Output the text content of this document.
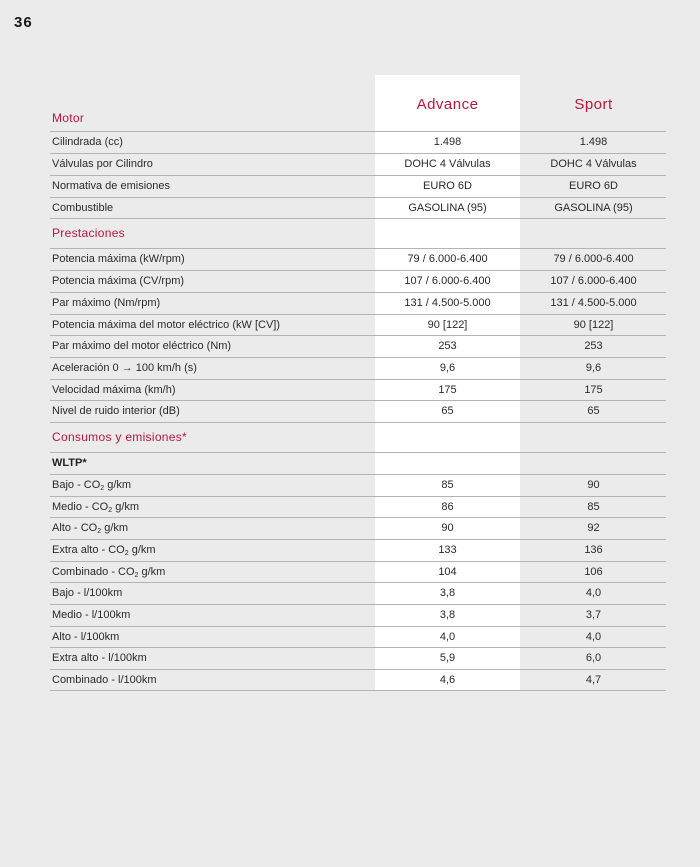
36
Advance	Sport
Motor
Cilindrada (cc)	1.498	1.498
Válvulas por Cilindro	DOHC 4 Válvulas	DOHC 4 Válvulas
Normativa de emisiones	EURO 6D	EURO 6D
Combustible	GASOLINA (95)	GASOLINA (95)
Prestaciones
Potencia máxima (kW/rpm)	79 / 6.000-6.400	79 / 6.000-6.400
Potencia máxima (CV/rpm)	107 / 6.000-6.400	107 / 6.000-6.400
Par máximo (Nm/rpm)	131 / 4.500-5.000	131 / 4.500-5.000
Potencia máxima del motor eléctrico (kW [CV])	90 [122]	90 [122]
Par máximo del motor eléctrico (Nm)	253	253
Aceleración 0 → 100 km/h (s)	9,6	9,6
Velocidad máxima (km/h)	175	175
Nivel de ruido interior (dB)	65	65
Consumos y emisiones*
WLTP*
Bajo - $CO_2$ g/km	85	90
Medio - $CO_2$ g/km	86	85
Alto - $CO_2$ g/km	90	92
Extra alto - $CO_2$ g/km	133	136
Combinado - $CO_2$ g/km	104	106
Bajo - l/100km	3,8	4,0
Medio - l/100km	3,8	3,7
Alto - l/100km	4,0	4,0
Extra alto - l/100km	5,9	6,0
Combinado - l/100km	4,6	4,7
